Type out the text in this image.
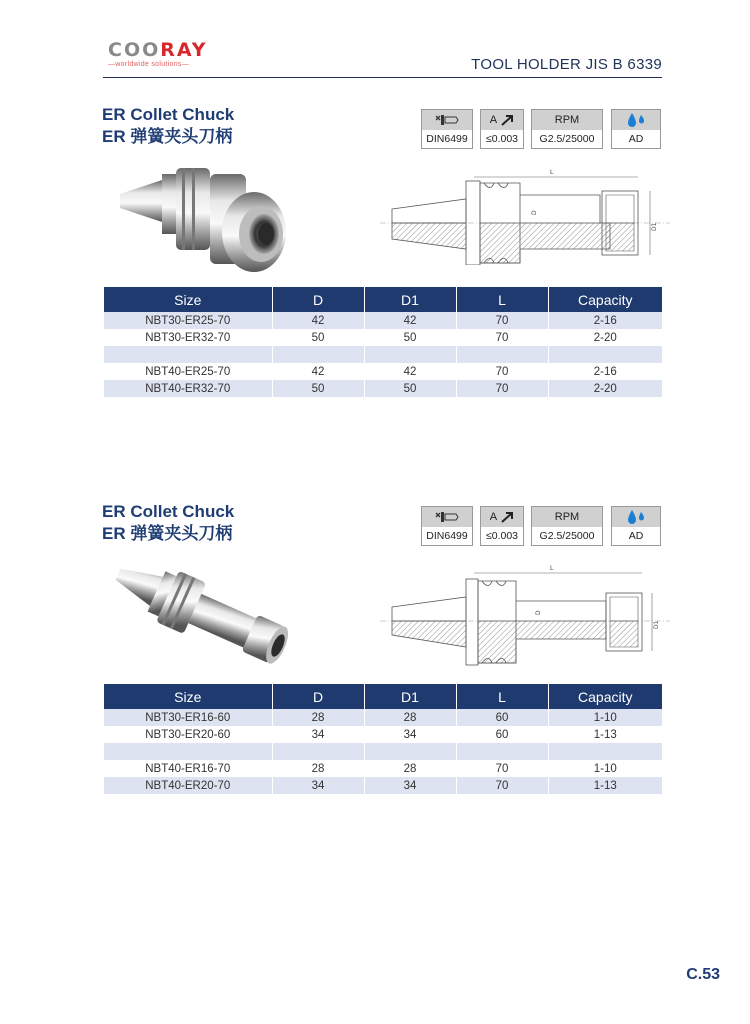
COORAY
—worldwide solutions—	TOOL HOLDER JIS B 6339
ER Collet Chuck
ER 弹簧夹头刀柄	DIN6499
A

≤0.003
RPM
G2.5/25000	AD
L
D
D1
Size	D	D1	L	Capacity
NBT30-ER25-70	42	42	70	2-16
NBT30-ER32-70	50	50	70	2-20

NBT40-ER25-70	42	42	70	2-16
NBT40-ER32-70	50	50	70	2-20
ER Collet Chuck
ER 弹簧夹头刀柄	DIN6499
A

≤0.003
RPM
G2.5/25000	AD
L
D
D1
Size	D	D1	L	Capacity
NBT30-ER16-60	28	28	60	1-10
NBT30-ER20-60	34	34	60	1-13

NBT40-ER16-70	28	28	70	1-10
NBT40-ER20-70	34	34	70	1-13
C.53
